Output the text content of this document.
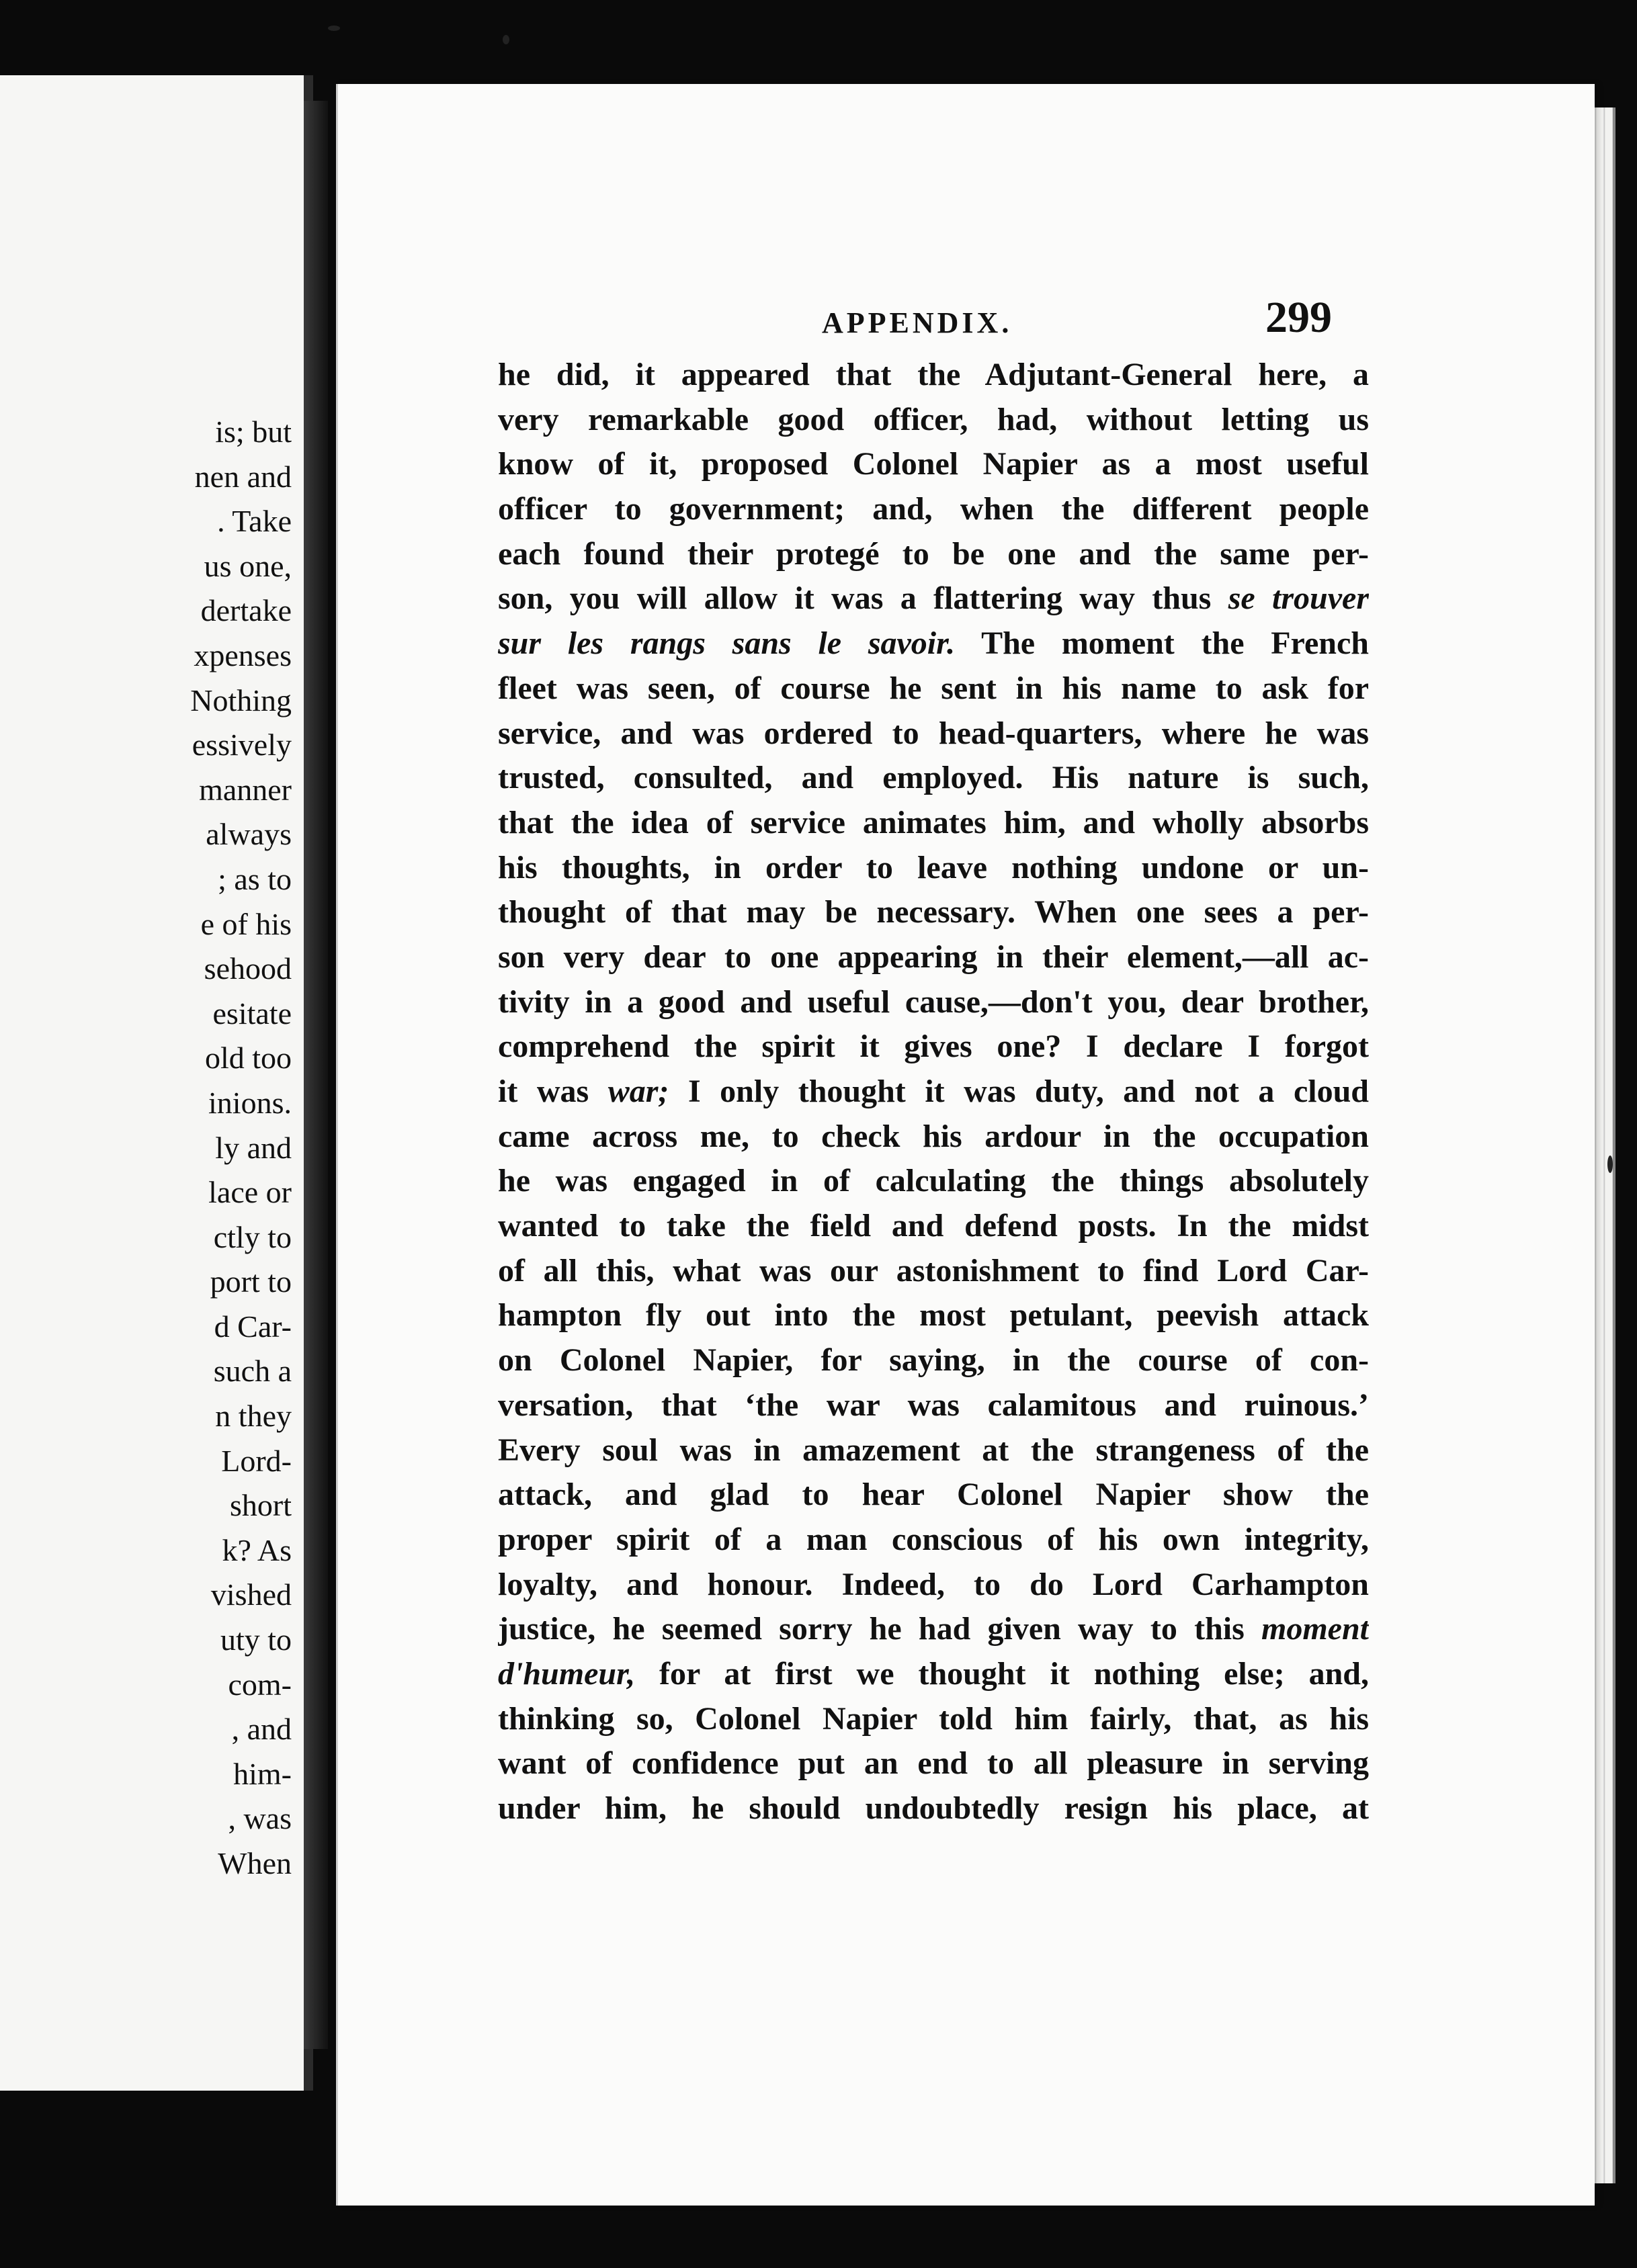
is; but
nen and
. Take
us one,
dertake
xpenses
Nothing
essively
manner
always
; as to
e of his
sehood
esitate
old too
inions.
ly and
lace or
ctly to
port to
d Car-
such a
n they
Lord-
short
k? As
vished
uty to
com-
, and
him-
, was
When
APPENDIX.	299
he did, it appeared that the Adjutant-General here, a
very remarkable good officer, had, without letting us
know of it, proposed Colonel Napier as a most useful
officer to government; and, when the different people
each found their protegé to be one and the same per-
son, you will allow it was a flattering way thus se trouver
sur les rangs sans le savoir. The moment the French
fleet was seen, of course he sent in his name to ask for
service, and was ordered to head-quarters, where he was
trusted, consulted, and employed. His nature is such,
that the idea of service animates him, and wholly absorbs
his thoughts, in order to leave nothing undone or un-
thought of that may be necessary. When one sees a per-
son very dear to one appearing in their element,—all ac-
tivity in a good and useful cause,—don't you, dear brother,
comprehend the spirit it gives one? I declare I forgot
it was war; I only thought it was duty, and not a cloud
came across me, to check his ardour in the occupation
he was engaged in of calculating the things absolutely
wanted to take the field and defend posts. In the midst
of all this, what was our astonishment to find Lord Car-
hampton fly out into the most petulant, peevish attack
on Colonel Napier, for saying, in the course of con-
versation, that ‘the war was calamitous and ruinous.’
Every soul was in amazement at the strangeness of the
attack, and glad to hear Colonel Napier show the
proper spirit of a man conscious of his own integrity,
loyalty, and honour. Indeed, to do Lord Carhampton
justice, he seemed sorry he had given way to this moment
d'humeur, for at first we thought it nothing else; and,
thinking so, Colonel Napier told him fairly, that, as his
want of confidence put an end to all pleasure in serving
under him, he should undoubtedly resign his place, at
